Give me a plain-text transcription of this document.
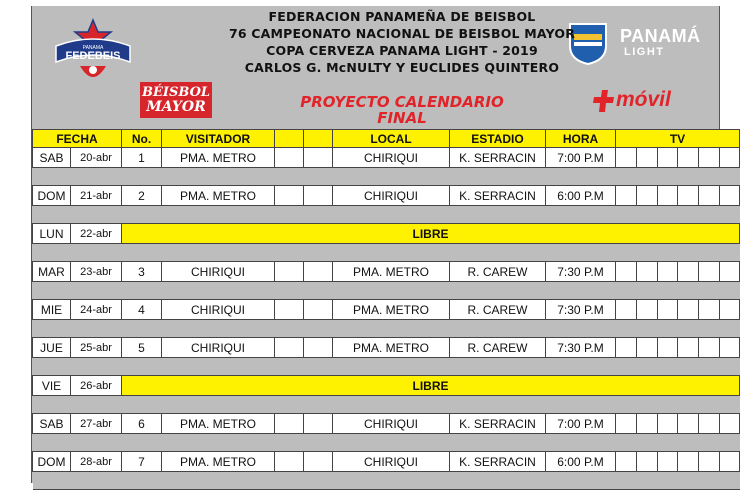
FEDEBEIS
PANAMA
BÉISBOL
MAYOR
PANAMÁ
LIGHT
móvil
FEDERACION PANAMEÑA DE BEISBOL
76 CAMPEONATO NACIONAL DE BEISBOL MAYOR
COPA CERVEZA PANAMA LIGHT - 2019
CARLOS G. McNULTY Y EUCLIDES QUINTERO
PROYECTO CALENDARIO
FINAL
FECHA		No.	VISITADOR			LOCAL	ESTADIO	HORA	TV					
SAB	20-abr	1	PMA. METRO			CHIRIQUI	K. SERRACIN	7:00 P.M						

DOM	21-abr	2	PMA. METRO			CHIRIQUI	K. SERRACIN	6:00 P.M						

LUN	22-abr	LIBRE												

MAR	23-abr	3	CHIRIQUI			PMA. METRO	R. CAREW	7:30 P.M						

MIE	24-abr	4	CHIRIQUI			PMA. METRO	R. CAREW	7:30 P.M						

JUE	25-abr	5	CHIRIQUI			PMA. METRO	R. CAREW	7:30 P.M						

VIE	26-abr	LIBRE												

SAB	27-abr	6	PMA. METRO			CHIRIQUI	K. SERRACIN	7:00 P.M						

DOM	28-abr	7	PMA. METRO			CHIRIQUI	K. SERRACIN	6:00 P.M						
